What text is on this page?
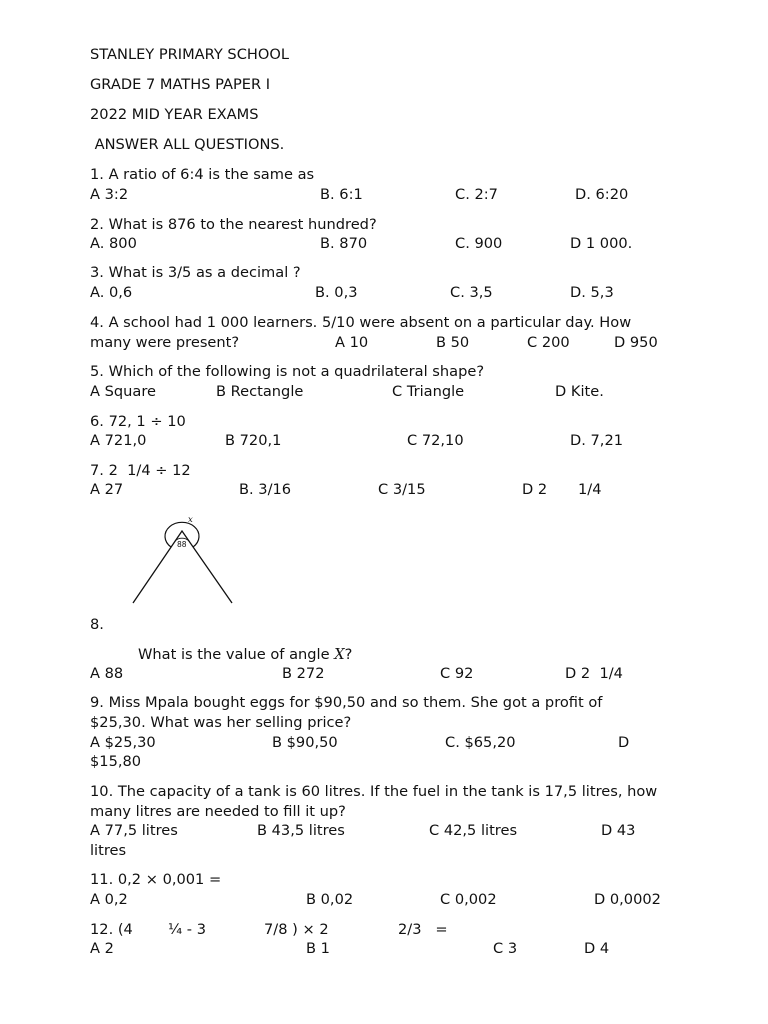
STANLEY PRIMARY SCHOOL
GRADE 7 MATHS PAPER I
2022 MID YEAR EXAMS
ANSWER ALL QUESTIONS.
1. A ratio of 6:4 is the same as
A 3:2	B. 6:1	C. 2:7	D. 6:20
2. What is 876 to the nearest hundred?
A. 800	B. 870	C. 900	D 1 000.
3. What is 3/5 as a decimal ?
A. 0,6	B. 0,3	C. 3,5	D. 5,3
4. A school had 1 000 learners. 5/10 were absent on a particular day. How
many were present?	A 10	B 50	C 200	D 950
5. Which of the following is not a quadrilateral shape?
A Square	B Rectangle	C Triangle	D Kite.
6. 72, 1 ÷ 10
A 721,0	B 720,1	C 72,10	D. 7,21
7. 2  1/4 ÷ 12
A 27	B. 3/16	C 3/15	D 2 1/4
88
x
8.
What is the value of angle X?
A 88	B 272	C 92	D 2  1/4
9. Miss Mpala bought eggs for $90,50 and so them. She got a profit of
$25,30. What was her selling price?
A $25,30	B $90,50	C. $65,20	D
$15,80
10. The capacity of a tank is 60 litres. If the fuel in the tank is 17,5 litres, how
many litres are needed to fill it up?
A 77,5 litres	B 43,5 litres	C 42,5 litres	D 43
litres
11. 0,2 × 0,001 =
A 0,2	B 0,02	C 0,002	D 0,0002
12. (4 ¼ - 3	7/8 ) × 2	2/3   =
A 2	B 1	C 3	D 4
